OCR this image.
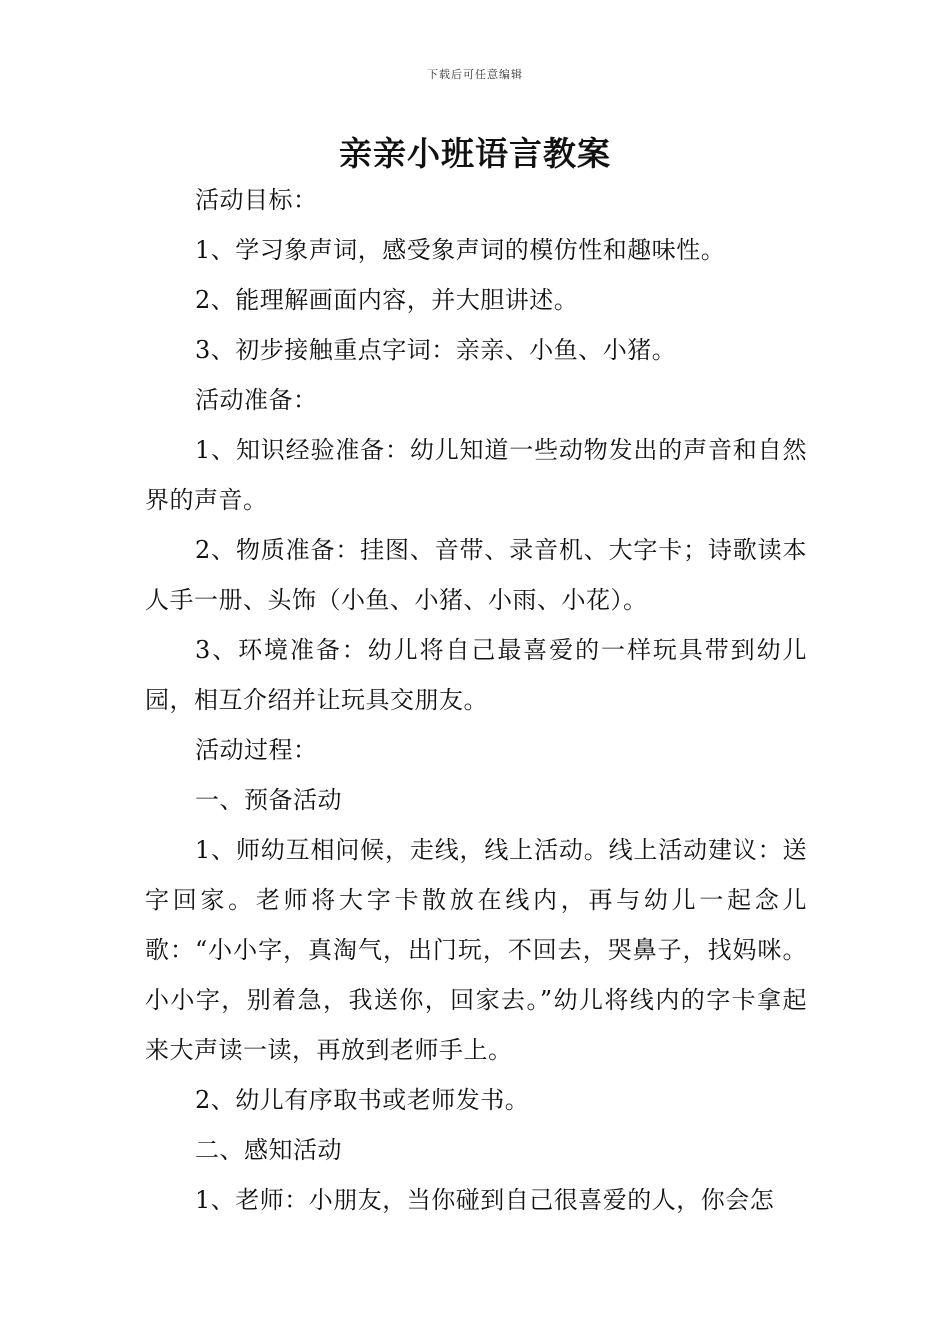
下载后可任意编辑
亲亲小班语言教案

活动目标：

1、学习象声词，感受象声词的模仿性和趣味性。

2、能理解画面内容，并大胆讲述。

3、初步接触重点字词：亲亲、小鱼、小猪。

活动准备：

1、知识经验准备：幼儿知道一些动物发出的声音和自然界的声音。

2、物质准备：挂图、音带、录音机、大字卡；诗歌读本人手一册、头饰（小鱼、小猪、小雨、小花）。

3、环境准备：幼儿将自己最喜爱的一样玩具带到幼儿园，相互介绍并让玩具交朋友。

活动过程：

一、预备活动

1、师幼互相问候，走线，线上活动。线上活动建议：送字回家。老师将大字卡散放在线内，再与幼儿一起念儿歌：“小小字，真淘气，出门玩，不回去，哭鼻子，找妈咪。小小字，别着急，我送你，回家去。”幼儿将线内的字卡拿起来大声读一读，再放到老师手上。

2、幼儿有序取书或老师发书。

二、感知活动

1、老师：小朋友，当你碰到自己很喜爱的人，你会怎
